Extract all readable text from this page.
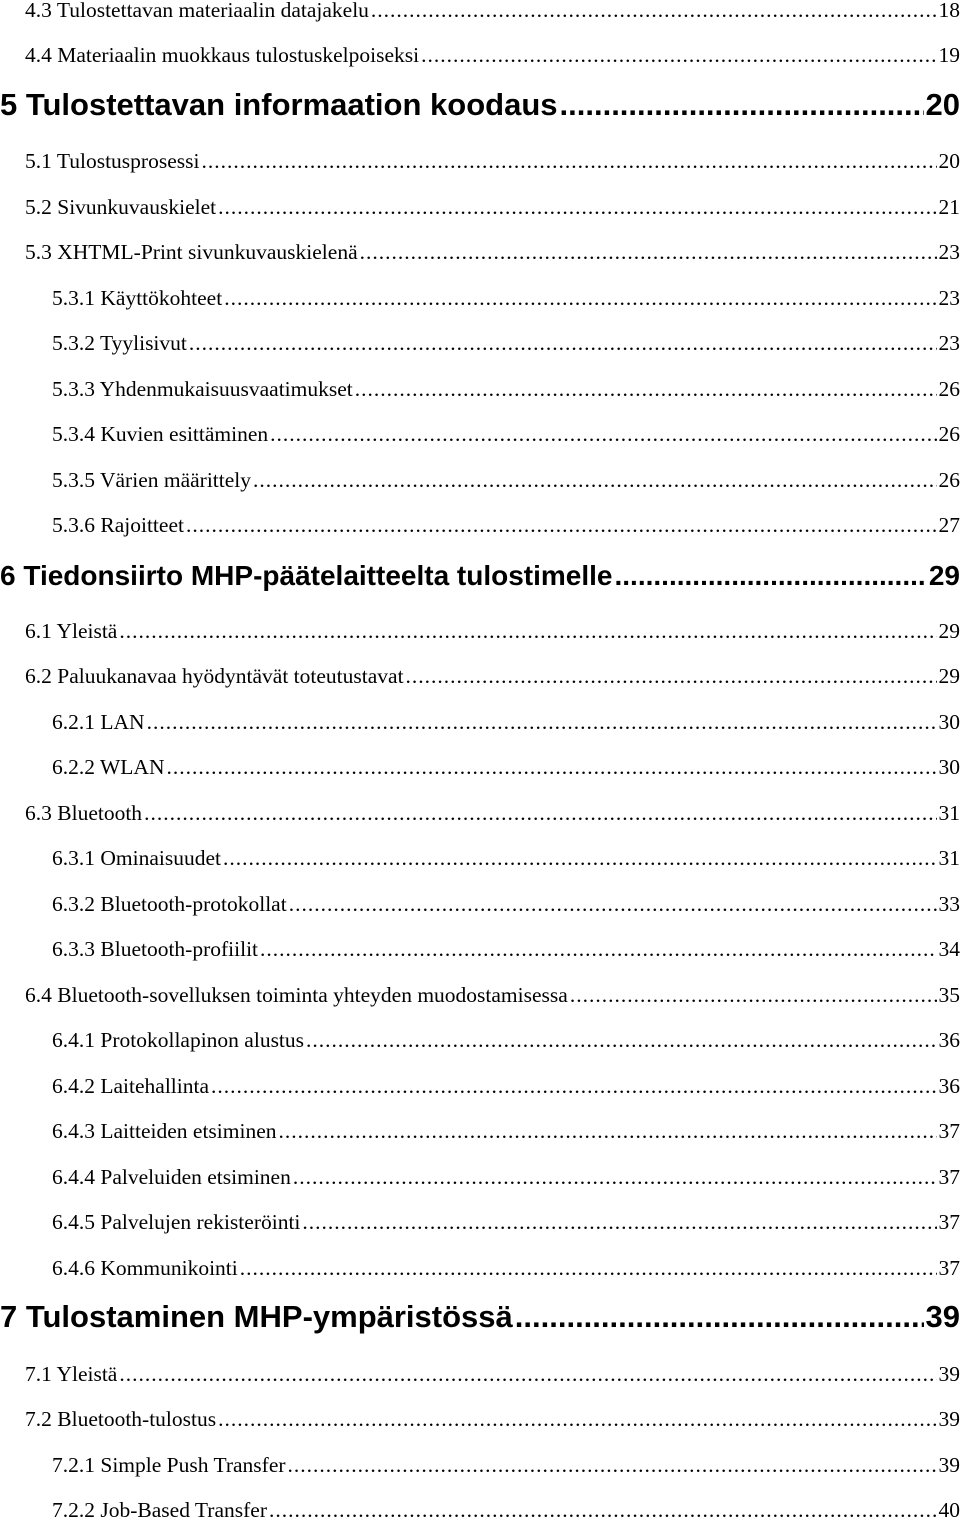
4.3 Tulostettavan materiaalin datajakelu .....	18
4.4 Materiaalin muokkaus tulostuskelpoiseksi .....	19
5 Tulostettavan informaation koodaus .....	20
5.1 Tulostusprosessi .....	20
5.2 Sivunkuvauskielet .....	21
5.3 XHTML-Print sivunkuvauskielenä .....	23
5.3.1 Käyttökohteet .....	23
5.3.2 Tyylisivut .....	23
5.3.3 Yhdenmukaisuusvaatimukset .....	26
5.3.4 Kuvien esittäminen .....	26
5.3.5 Värien määrittely .....	26
5.3.6 Rajoitteet .....	27
6 Tiedonsiirto MHP-päätelaitteelta tulostimelle .....	29
6.1 Yleistä .....	29
6.2 Paluukanavaa hyödyntävät toteutustavat .....	29
6.2.1 LAN .....	30
6.2.2 WLAN .....	30
6.3 Bluetooth .....	31
6.3.1 Ominaisuudet .....	31
6.3.2 Bluetooth-protokollat .....	33
6.3.3 Bluetooth-profiilit .....	34
6.4 Bluetooth-sovelluksen toiminta yhteyden muodostamisessa .....	35
6.4.1 Protokollapinon alustus .....	36
6.4.2 Laitehallinta .....	36
6.4.3 Laitteiden etsiminen .....	37
6.4.4 Palveluiden etsiminen .....	37
6.4.5 Palvelujen rekisteröinti .....	37
6.4.6 Kommunikointi .....	37
7 Tulostaminen MHP-ympäristössä .....	39
7.1 Yleistä .....	39
7.2 Bluetooth-tulostus .....	39
7.2.1 Simple Push Transfer .....	39
7.2.2 Job-Based Transfer .....	40
